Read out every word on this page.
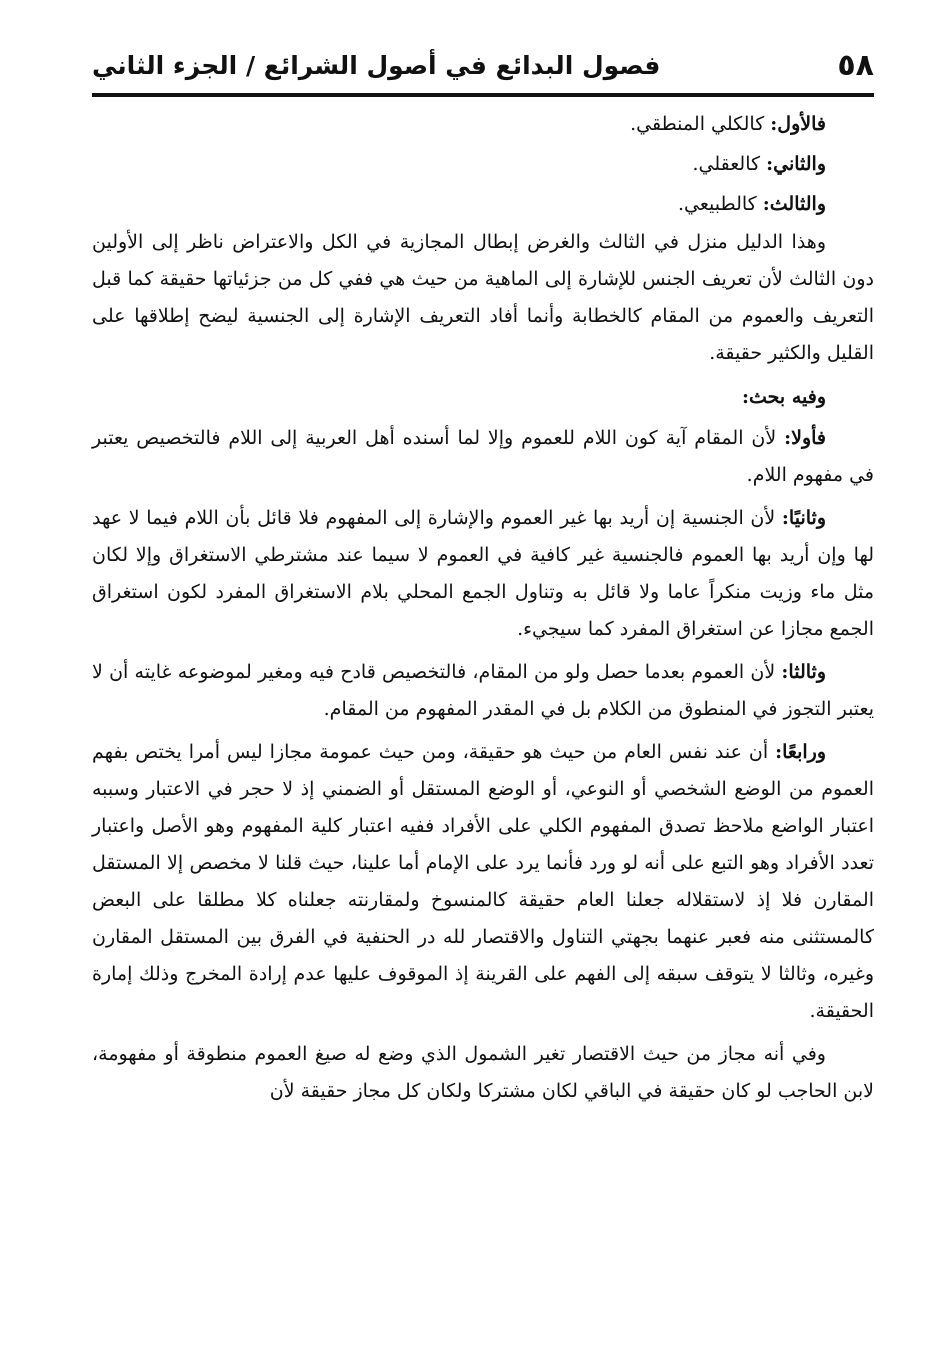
٥٨
فصول البدائع في أصول الشرائع / الجزء الثاني

فالأول: كالكلي المنطقي.

والثاني: كالعقلي.

والثالث: كالطبيعي.

وهذا الدليل منزل في الثالث والغرض إبطال المجازية في الكل والاعتراض ناظر إلى الأولين دون الثالث لأن تعريف الجنس للإشارة إلى الماهية من حيث هي ففي كل من جزئياتها حقيقة كما قبل التعريف والعموم من المقام كالخطابة وأنما أفاد التعريف الإشارة إلى الجنسية ليضح إطلاقها على القليل والكثير حقيقة.

وفيه بحث:

فأولا: لأن المقام آية كون اللام للعموم وإلا لما أسنده أهل العربية إلى اللام فالتخصيص يعتبر في مفهوم اللام.

وثانيًا: لأن الجنسية إن أريد بها غير العموم والإشارة إلى المفهوم فلا قائل بأن اللام فيما لا عهد لها وإن أريد بها العموم فالجنسية غير كافية في العموم لا سيما عند مشترطي الاستغراق وإلا لكان مثل ماء وزيت منكراً عاما ولا قائل به وتناول الجمع المحلي بلام الاستغراق المفرد لكون استغراق الجمع مجازا عن استغراق المفرد كما سيجيء.

وثالثا: لأن العموم بعدما حصل ولو من المقام، فالتخصيص قادح فيه ومغير لموضوعه غايته أن لا يعتبر التجوز في المنطوق من الكلام بل في المقدر المفهوم من المقام.

ورابعًا: أن عند نفس العام من حيث هو حقيقة، ومن حيث عمومة مجازا ليس أمرا يختص بفهم العموم من الوضع الشخصي أو النوعي، أو الوضع المستقل أو الضمني إذ لا حجر في الاعتبار وسببه اعتبار الواضع ملاحظ تصدق المفهوم الكلي على الأفراد ففيه اعتبار كلية المفهوم وهو الأصل واعتبار تعدد الأفراد وهو التبع على أنه لو ورد فأنما يرد على الإمام أما علينا، حيث قلنا لا مخصص إلا المستقل المقارن فلا إذ لاستقلاله جعلنا العام حقيقة كالمنسوخ ولمقارنته جعلناه كلا مطلقا على البعض كالمستثنى منه فعبر عنهما بجهتي التناول والاقتصار لله در الحنفية في الفرق بين المستقل المقارن وغيره، وثالثا لا يتوقف سبقه إلى الفهم على القرينة إذ الموقوف عليها عدم إرادة المخرج وذلك إمارة الحقيقة.

وفي أنه مجاز من حيث الاقتصار تغير الشمول الذي وضع له صيغ العموم منطوقة أو مفهومة، لابن الحاجب لو كان حقيقة في الباقي لكان مشتركا ولكان كل مجاز حقيقة لأن
